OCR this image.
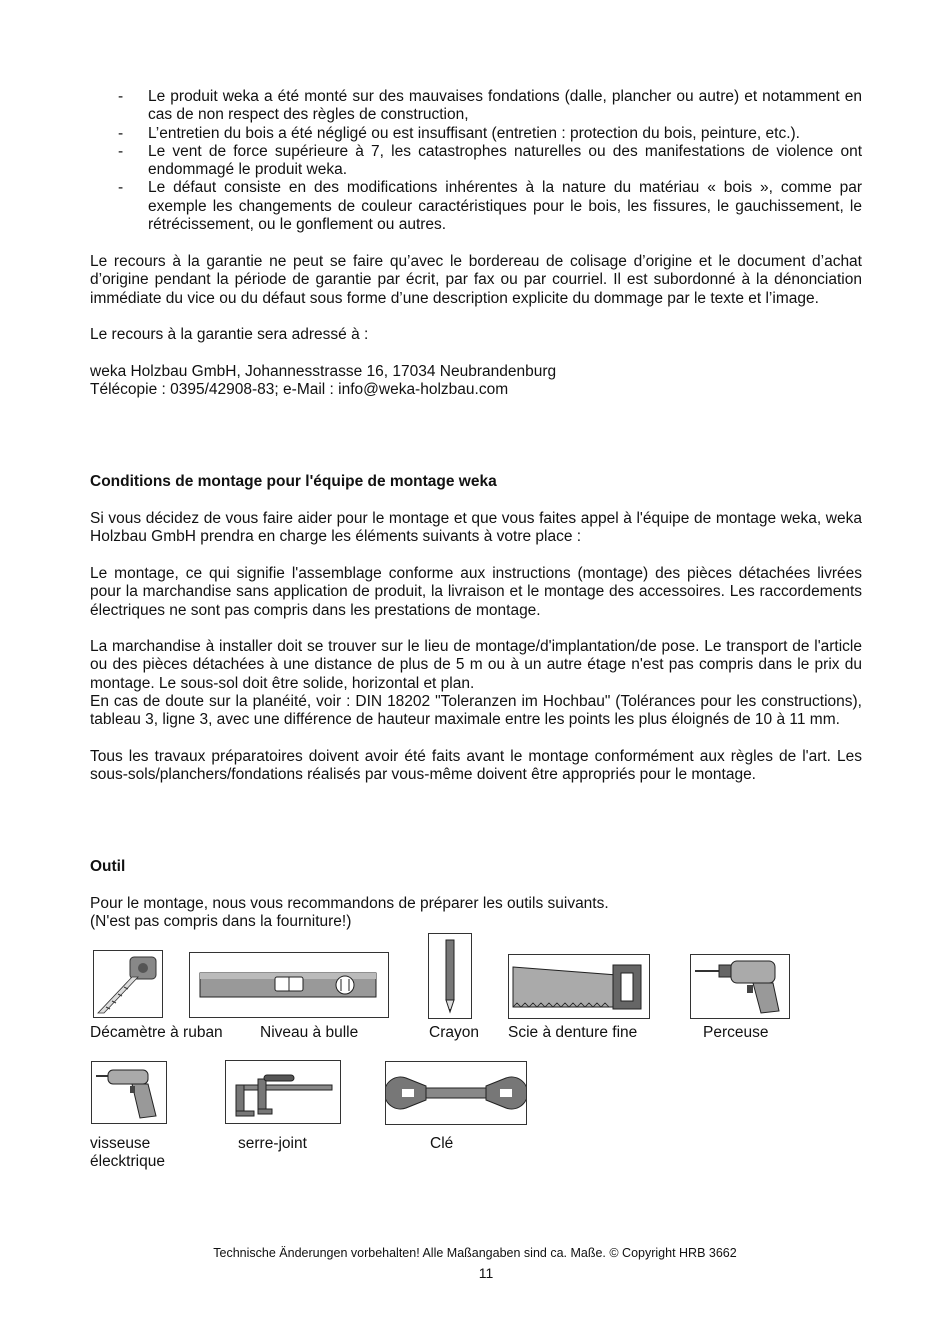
- Le produit weka a été monté sur des mauvaises fondations (dalle, plancher ou autre) et notamment en cas de non respect des règles de construction,
- L’entretien du bois a été négligé ou est insuffisant (entretien : protection du bois, peinture, etc.).
- Le vent de force supérieure à 7, les catastrophes naturelles ou des manifestations de violence ont endommagé le produit weka.
- Le défaut consiste en des modifications inhérentes à la nature du matériau « bois », comme par exemple les changements de couleur caractéristiques pour le bois, les fissures, le gauchissement, le rétrécissement, ou le gonflement ou autres.

Le recours à la garantie ne peut se faire qu’avec le bordereau de colisage d’origine et le document d’achat d’origine pendant la période de garantie par écrit, par fax ou par courriel. Il est subordonné à la dénonciation immédiate du vice ou du défaut sous forme d’une description explicite du dommage par le texte et l’image.

Le recours à la garantie sera adressé à :

weka Holzbau GmbH, Johannesstrasse 16, 17034 Neubrandenburg

Télécopie : 0395/42908-83; e-Mail : info@weka-holzbau.com

Conditions de montage pour l'équipe de montage weka

Si vous décidez de vous faire aider pour le montage et que vous faites appel à l'équipe de montage weka, weka Holzbau GmbH prendra en charge les éléments suivants à votre place :

Le montage, ce qui signifie l'assemblage conforme aux instructions (montage) des pièces détachées livrées pour la marchandise sans application de produit, la livraison et le montage des accessoires. Les raccordements électriques ne sont pas compris dans les prestations de montage.

La marchandise à installer doit se trouver sur le lieu de montage/d'implantation/de pose. Le transport de l'article ou des pièces détachées à une distance de plus de 5 m ou à un autre étage n'est pas compris dans le prix du montage. Le sous-sol doit être solide, horizontal et plan.

En cas de doute sur la planéité, voir : DIN 18202 "Toleranzen im Hochbau" (Tolérances pour les constructions), tableau 3, ligne 3, avec une différence de hauteur maximale entre les points les plus éloignés de 10 à 11 mm.

Tous les travaux préparatoires doivent avoir été faits avant le montage conformément aux règles de l'art. Les sous-sols/planchers/fondations réalisés par vous-même doivent être appropriés pour le montage.

Outil

Pour le montage, nous vous recommandons de préparer les outils suivants.

(N'est pas compris dans la fourniture!)

Décamètre à ruban Niveau à bulle	Crayon Scie à denture fine	Perceuse
visseuse
élecktrique
serre-joint	Clé
Technische Änderungen vorbehalten! Alle Maßangaben sind ca. Maße. © Copyright HRB 3662
11
